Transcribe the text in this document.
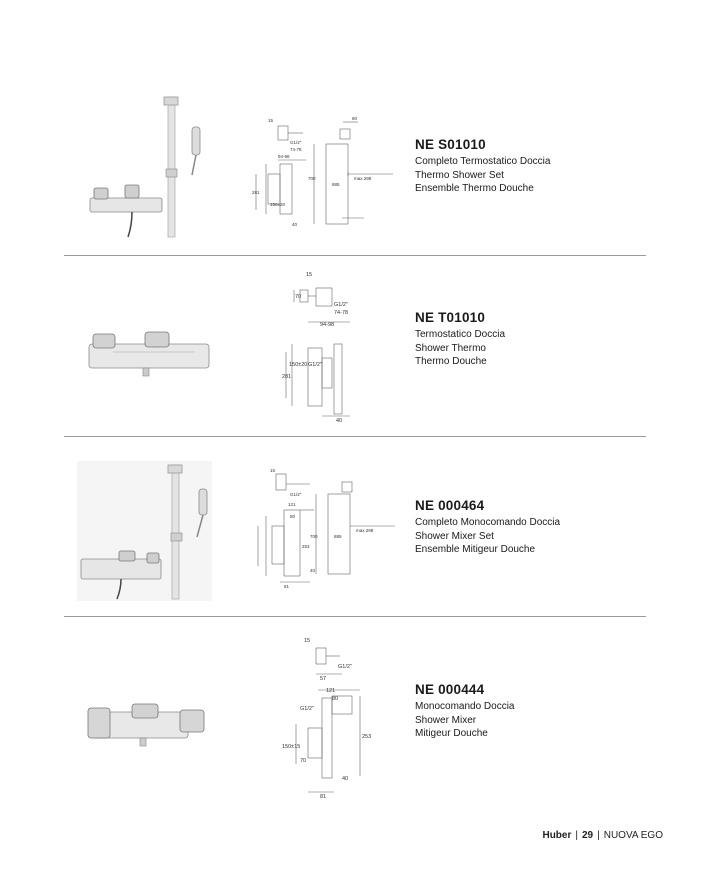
15
G1/2"
74-78
94-98
281
150±20
700
885
max.298
40
80
NE S01010
Completo Termostatico Doccia
Thermo Shower Set
Ensemble Thermo Douche
15
70
G1/2"
74-78
94-98
281
150±20 G1/2"
40
NE T01010
Termostatico Doccia
Shower Thermo
Thermo Douche
15
G1/2"
121
80
253
700	885
max.298
40
81
NE 000464
Completo Monocomando Doccia
Shower Mixer Set
Ensemble Mitigeur Douche
15
G1/2"
57
121
80
G1/2"
253
150±15
70
40
81
NE 000444
Monocomando Doccia
Shower Mixer
Mitigeur Douche
Huber | 29 | NUOVA EGO
